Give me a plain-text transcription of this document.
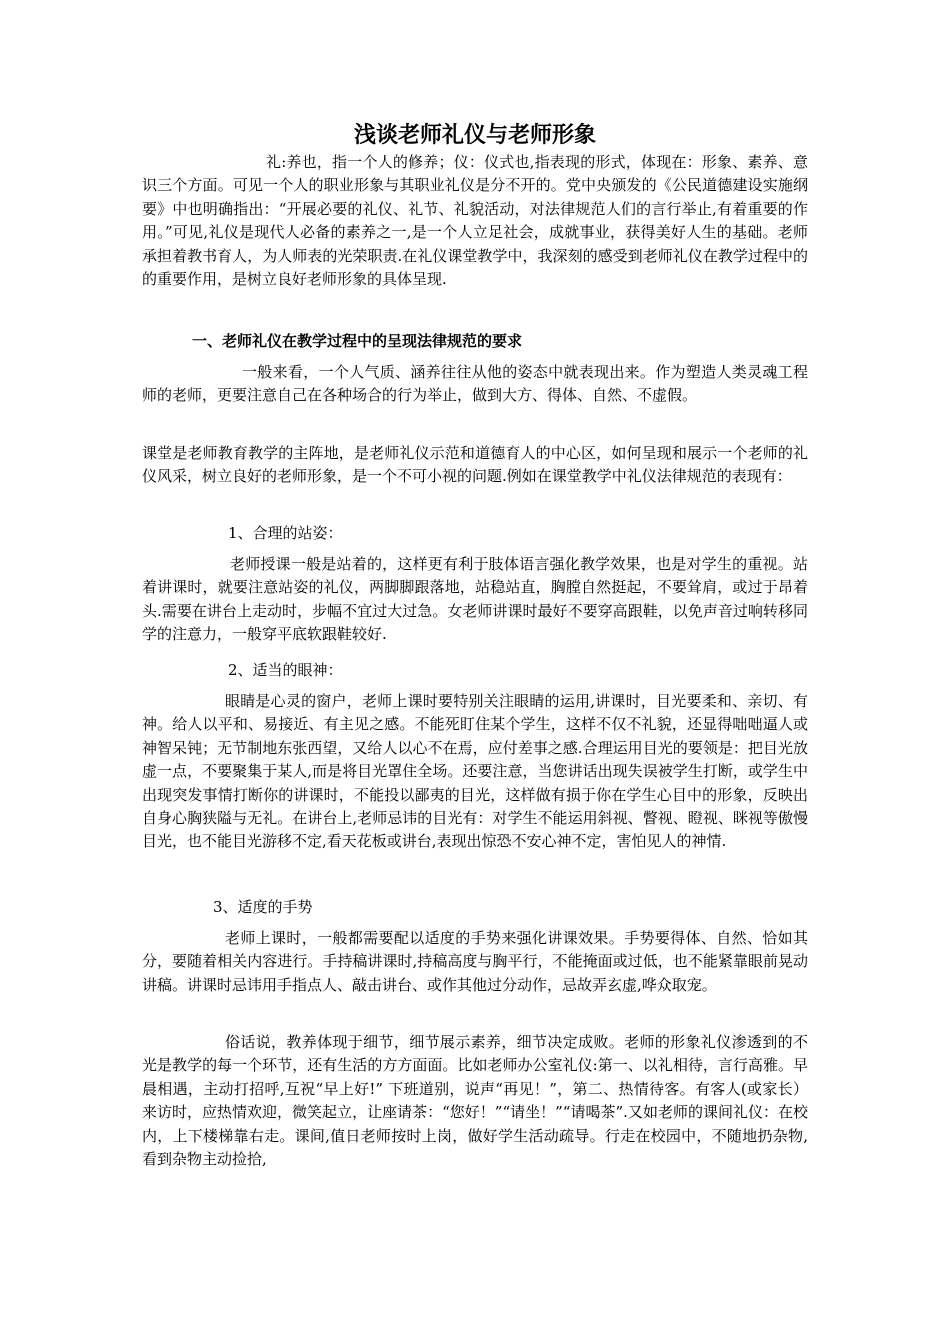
浅谈老师礼仪与老师形象

礼:养也，指一个人的修养；仪：仪式也,指表现的形式，体现在：形象、素养、意识三个方面。可见一个人的职业形象与其职业礼仪是分不开的。党中央颁发的《公民道德建设实施纲要》中也明确指出：“开展必要的礼仪、礼节、礼貌活动，对法律规范人们的言行举止,有着重要的作用。”可见,礼仪是现代人必备的素养之一,是一个人立足社会，成就事业，获得美好人生的基础。老师承担着教书育人，为人师表的光荣职责.在礼仪课堂教学中，我深刻的感受到老师礼仪在教学过程中的的重要作用，是树立良好老师形象的具体呈现.

一、老师礼仪在教学过程中的呈现法律规范的要求

一般来看，一个人气质、涵养往往从他的姿态中就表现出来。作为塑造人类灵魂工程师的老师，更要注意自己在各种场合的行为举止，做到大方、得体、自然、不虚假。

课堂是老师教育教学的主阵地，是老师礼仪示范和道德育人的中心区，如何呈现和展示一个老师的礼仪风采，树立良好的老师形象，是一个不可小视的问题.例如在课堂教学中礼仪法律规范的表现有：

1、合理的站姿：

老师授课一般是站着的，这样更有利于肢体语言强化教学效果，也是对学生的重视。站着讲课时，就要注意站姿的礼仪，两脚脚跟落地，站稳站直，胸膛自然挺起，不要耸肩，或过于昂着头.需要在讲台上走动时，步幅不宜过大过急。女老师讲课时最好不要穿高跟鞋，以免声音过响转移同学的注意力，一般穿平底软跟鞋较好.

2、适当的眼神：

眼睛是心灵的窗户，老师上课时要特别关注眼睛的运用,讲课时，目光要柔和、亲切、有神。给人以平和、易接近、有主见之感。不能死盯住某个学生，这样不仅不礼貌，还显得咄咄逼人或神智呆钝；无节制地东张西望，又给人以心不在焉，应付差事之感.合理运用目光的要领是：把目光放虚一点，不要聚集于某人,而是将目光罩住全场。还要注意，当您讲话出现失误被学生打断，或学生中出现突发事情打断你的讲课时，不能投以鄙夷的目光，这样做有损于你在学生心目中的形象，反映出自身心胸狭隘与无礼。在讲台上,老师忌讳的目光有：对学生不能运用斜视、瞥视、瞪视、眯视等傲慢目光，也不能目光游移不定,看天花板或讲台,表现出惊恐不安心神不定，害怕见人的神情.

3、适度的手势

老师上课时，一般都需要配以适度的手势来强化讲课效果。手势要得体、自然、恰如其分，要随着相关内容进行。手持稿讲课时,持稿高度与胸平行，不能掩面或过低，也不能紧靠眼前晃动讲稿。讲课时忌讳用手指点人、敲击讲台、或作其他过分动作，忌故弄玄虚,哗众取宠。

俗话说，教养体现于细节，细节展示素养，细节决定成败。老师的形象礼仪渗透到的不光是教学的每一个环节，还有生活的方方面面。比如老师办公室礼仪:第一、以礼相待，言行高雅。早晨相遇，主动打招呼,互祝“早上好!” 下班道别，说声“再见！”，第二、热情待客。有客人(或家长）来访时，应热情欢迎，微笑起立，让座请茶：“您好！”“请坐！”“请喝茶”.又如老师的课间礼仪：在校内，上下楼梯靠右走。课间,值日老师按时上岗，做好学生活动疏导。行走在校园中，不随地扔杂物,看到杂物主动捡拾,
